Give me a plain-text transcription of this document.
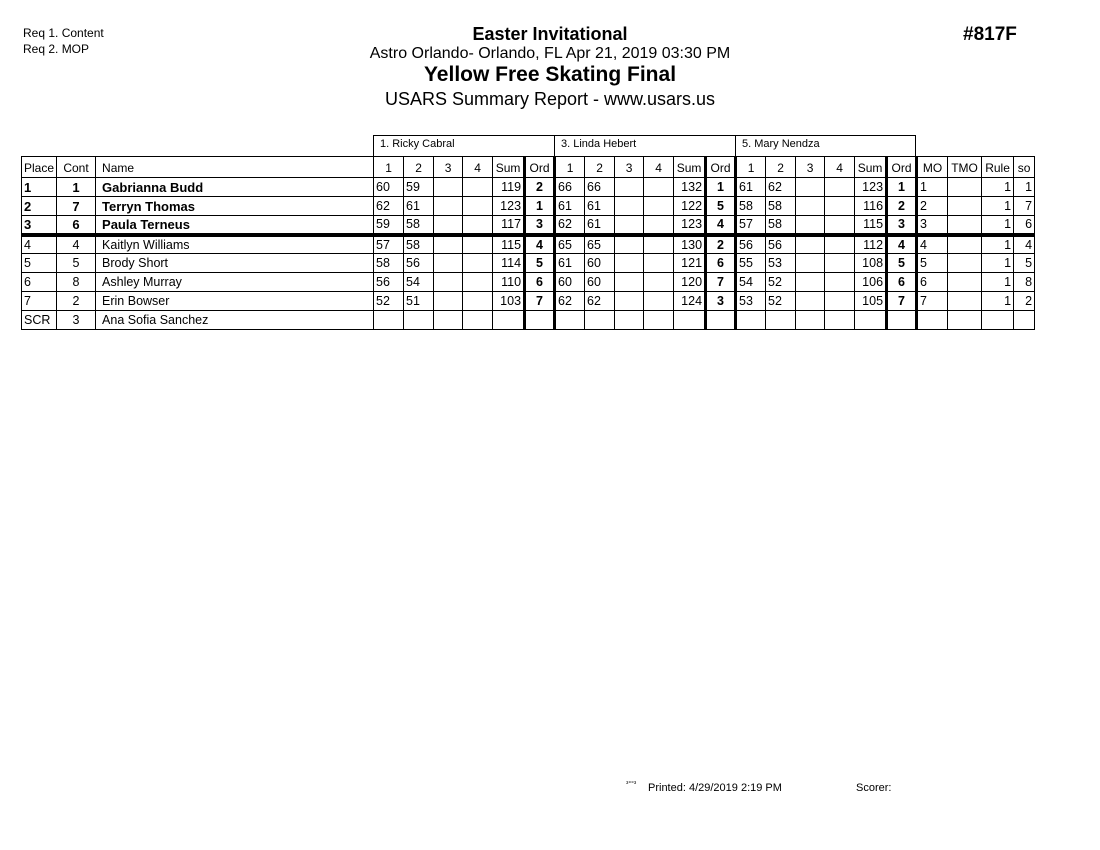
Req 1. Content
Req 2. MOP
Easter Invitational
Astro Orlando- Orlando, FL Apr 21, 2019 03:30 PM
Yellow Free Skating Final
USARS Summary Report - www.usars.us
#817F
1. Ricky Cabral	3. Linda Hebert	5. Mary Nendza
Place	Cont	Name	1	2	3	4	Sum	Ord	1	2	3	4	Sum	Ord	1	2	3	4	Sum	Ord	MO	TMO	Rule	so
1	1	Gabrianna Budd	60	59			119	2	66	66			132	1	61	62			123	1	1		1	1
2	7	Terryn Thomas	62	61			123	1	61	61			122	5	58	58			116	2	2		1	7
3	6	Paula Terneus	59	58			117	3	62	61			123	4	57	58			115	3	3		1	6
4	4	Kaitlyn Williams	57	58			115	4	65	65			130	2	56	56			112	4	4		1	4
5	5	Brody Short	58	56			114	5	61	60			121	6	55	53			108	5	5		1	5
6	8	Ashley Murray	56	54			110	6	60	60			120	7	54	52			106	6	6		1	8
7	2	Erin Bowser	52	51			103	7	62	62			124	3	53	52			105	7	7		1	2
SCR	3	Ana Sofia Sanchez																						
³°°³ Printed: 4/29/2019 2:19 PM	Scorer:
